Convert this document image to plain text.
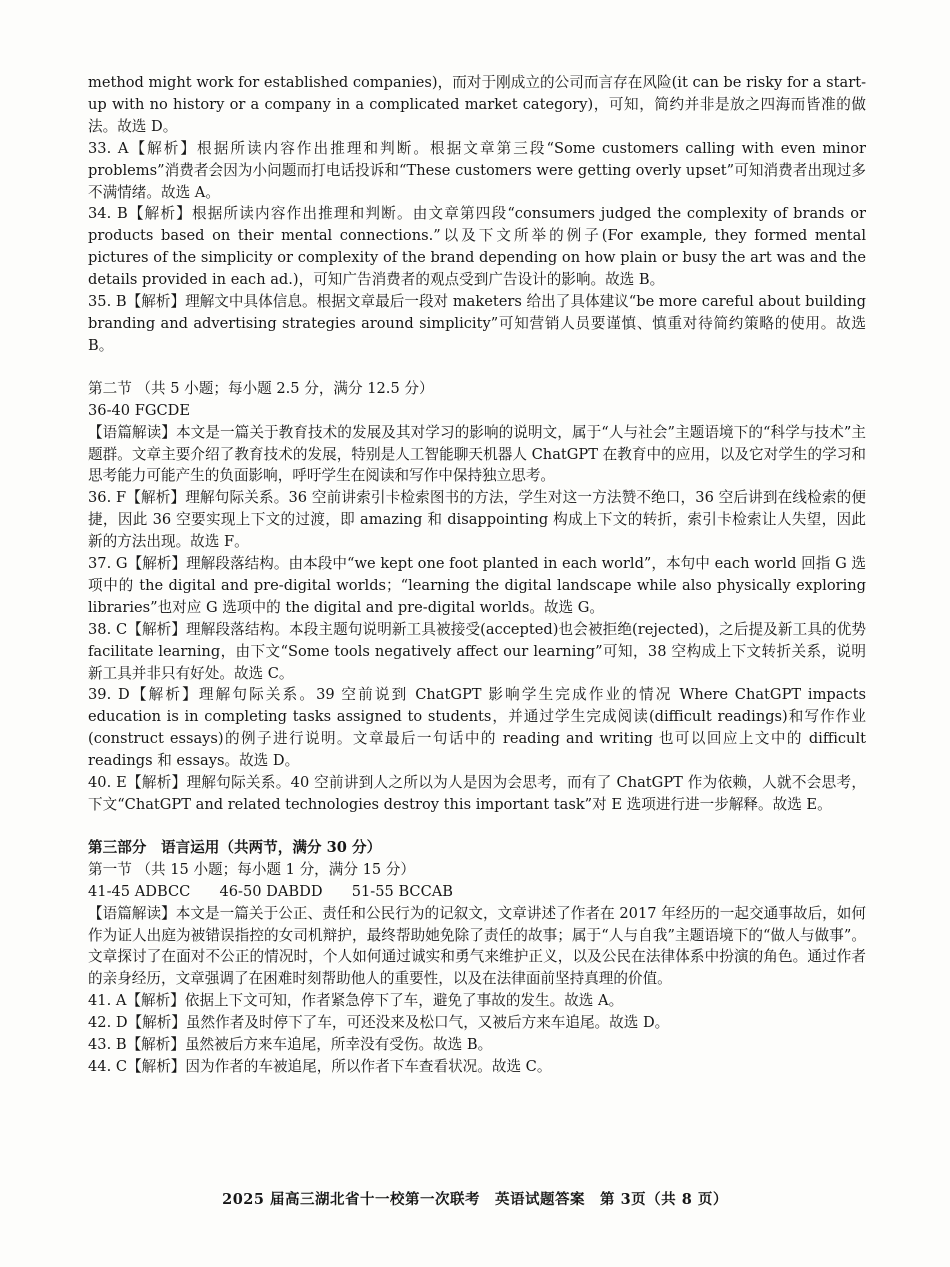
method might work for established companies)，而对于刚成立的公司而言存在风险(it can be risky for a start-up with no history or a company in a complicated market category)，可知，简约并非是放之四海而皆准的做法。故选 D。

33. A【解析】根据所读内容作出推理和判断。根据文章第三段“Some customers calling with even minor problems”消费者会因为小问题而打电话投诉和“These customers were getting overly upset”可知消费者出现过多不满情绪。故选 A。

34. B【解析】根据所读内容作出推理和判断。由文章第四段“consumers judged the complexity of brands or products based on their mental connections.”以及下文所举的例子(For example, they formed mental pictures of the simplicity or complexity of the brand depending on how plain or busy the art was and the details provided in each ad.)，可知广告消费者的观点受到广告设计的影响。故选 B。

35. B【解析】理解文中具体信息。根据文章最后一段对 maketers 给出了具体建议“be more careful about building branding and advertising strategies around simplicity”可知营销人员要谨慎、慎重对待简约策略的使用。故选 B。

第二节 （共 5 小题；每小题 2.5 分，满分 12.5 分）

36-40 FGCDE

【语篇解读】本文是一篇关于教育技术的发展及其对学习的影响的说明文，属于“人与社会”主题语境下的“科学与技术”主题群。文章主要介绍了教育技术的发展，特别是人工智能聊天机器人 ChatGPT 在教育中的应用，以及它对学生的学习和思考能力可能产生的负面影响，呼吁学生在阅读和写作中保持独立思考。

36. F【解析】理解句际关系。36 空前讲索引卡检索图书的方法，学生对这一方法赞不绝口，36 空后讲到在线检索的便捷，因此 36 空要实现上下文的过渡，即 amazing 和 disappointing 构成上下文的转折，索引卡检索让人失望，因此新的方法出现。故选 F。

37. G【解析】理解段落结构。由本段中“we kept one foot planted in each world”，本句中 each world 回指 G 选项中的 the digital and pre-digital worlds；“learning the digital landscape while also physically exploring libraries”也对应 G 选项中的 the digital and pre-digital worlds。故选 G。

38. C【解析】理解段落结构。本段主题句说明新工具被接受(accepted)也会被拒绝(rejected)，之后提及新工具的优势 facilitate learning，由下文“Some tools negatively affect our learning”可知，38 空构成上下文转折关系，说明新工具并非只有好处。故选 C。

39. D【解析】理解句际关系。39 空前说到 ChatGPT 影响学生完成作业的情况 Where ChatGPT impacts education is in completing tasks assigned to students，并通过学生完成阅读(difficult readings)和写作作业(construct essays)的例子进行说明。文章最后一句话中的 reading and writing 也可以回应上文中的 difficult readings 和 essays。故选 D。

40. E【解析】理解句际关系。40 空前讲到人之所以为人是因为会思考，而有了 ChatGPT 作为依赖，人就不会思考，下文“ChatGPT and related technologies destroy this important task”对 E 选项进行进一步解释。故选 E。

第三部分　语言运用（共两节，满分 30 分）

第一节 （共 15 小题；每小题 1 分，满分 15 分）

41-45 ADBCC　　46-50 DABDD　　51-55 BCCAB

【语篇解读】本文是一篇关于公正、责任和公民行为的记叙文，文章讲述了作者在 2017 年经历的一起交通事故后，如何作为证人出庭为被错误指控的女司机辩护，最终帮助她免除了责任的故事；属于“人与自我”主题语境下的“做人与做事”。 文章探讨了在面对不公正的情况时，个人如何通过诚实和勇气来维护正义，以及公民在法律体系中扮演的角色。通过作者的亲身经历，文章强调了在困难时刻帮助他人的重要性，以及在法律面前坚持真理的价值。

41. A【解析】依据上下文可知，作者紧急停下了车，避免了事故的发生。故选 A。

42. D【解析】虽然作者及时停下了车，可还没来及松口气，又被后方来车追尾。故选 D。

43. B【解析】虽然被后方来车追尾，所幸没有受伤。故选 B。

44. C【解析】因为作者的车被追尾，所以作者下车查看状况。故选 C。

2025 届高三湖北省十一校第一次联考　英语试题答案　第 3页（共 8 页）
